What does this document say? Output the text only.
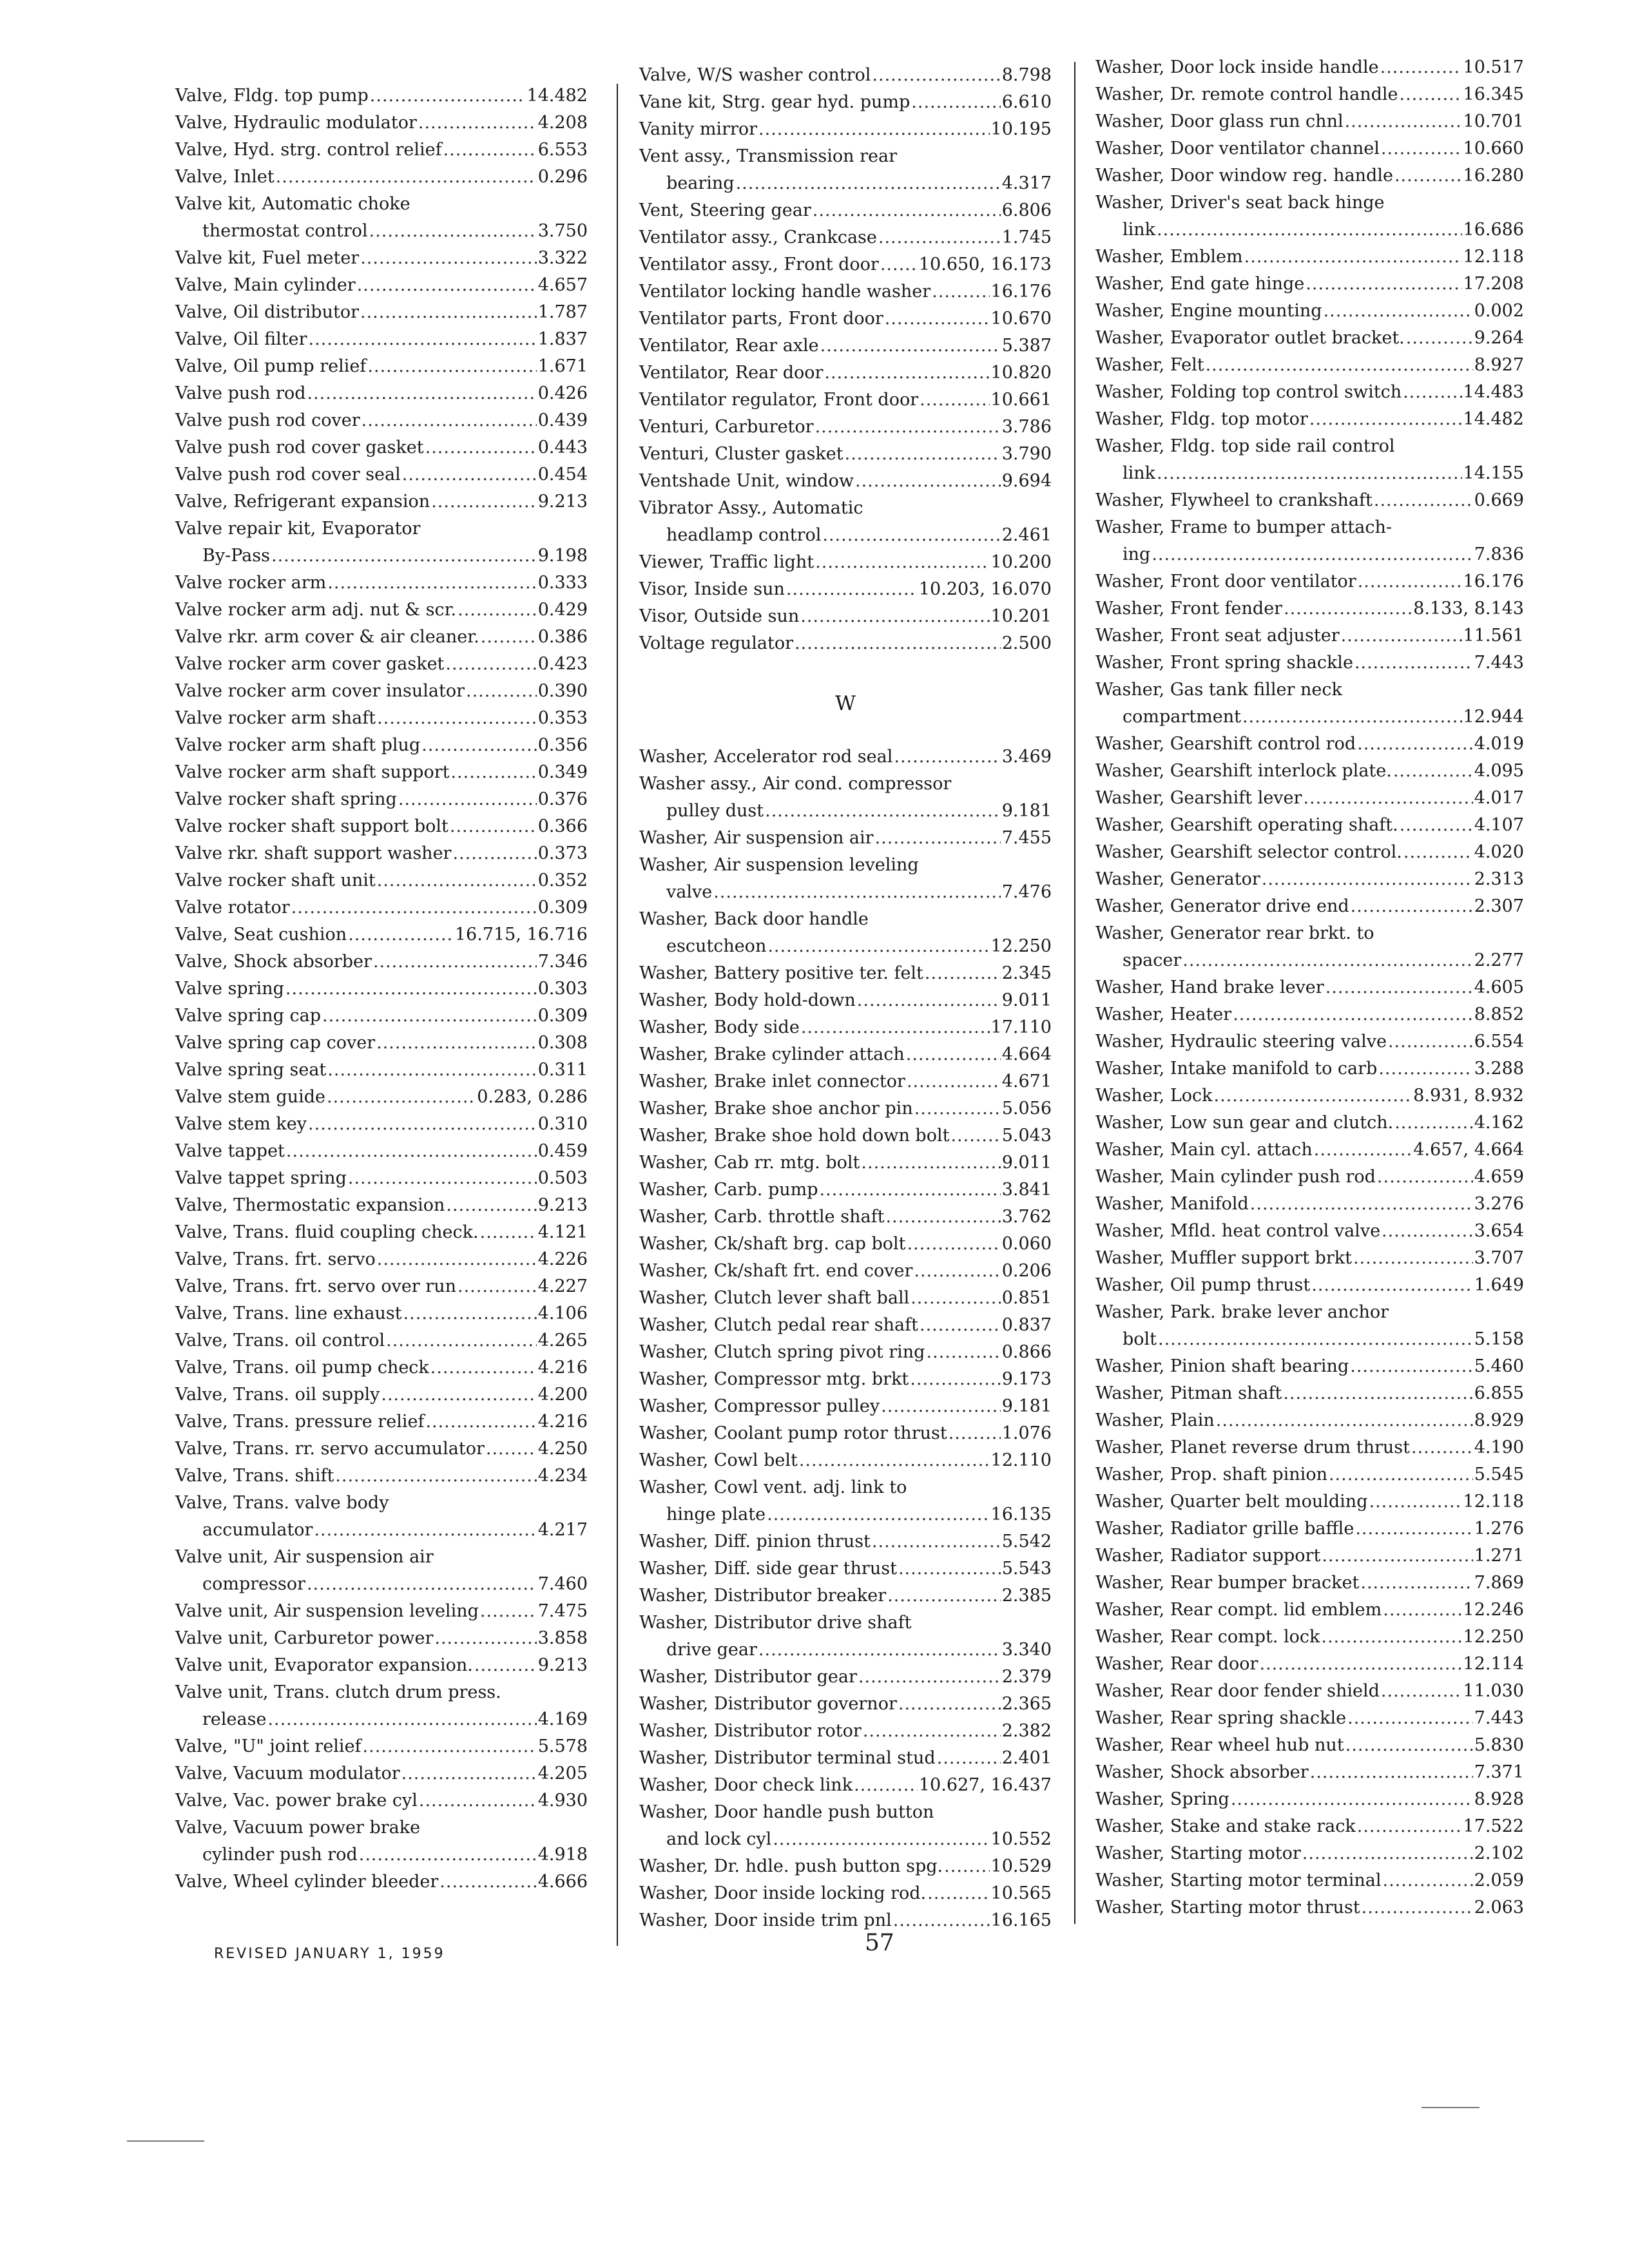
Valve, Fldg. top pump .....	14.482
Valve, Hydraulic modulator .....	4.208
Valve, Hyd. strg. control relief .....	6.553
Valve, Inlet .....	0.296
Valve kit, Automatic choke
thermostat control .....	3.750
Valve kit, Fuel meter .....	3.322
Valve, Main cylinder .....	4.657
Valve, Oil distributor .....	1.787
Valve, Oil filter .....	1.837
Valve, Oil pump relief .....	1.671
Valve push rod .....	0.426
Valve push rod cover .....	0.439
Valve push rod cover gasket .....	0.443
Valve push rod cover seal .....	0.454
Valve, Refrigerant expansion .....	9.213
Valve repair kit, Evaporator
By-Pass .....	9.198
Valve rocker arm .....	0.333
Valve rocker arm adj. nut & scr. .....	0.429
Valve rkr. arm cover & air cleaner. .....	0.386
Valve rocker arm cover gasket .....	0.423
Valve rocker arm cover insulator .....	0.390
Valve rocker arm shaft .....	0.353
Valve rocker arm shaft plug .....	0.356
Valve rocker arm shaft support .....	0.349
Valve rocker shaft spring .....	0.376
Valve rocker shaft support bolt .....	0.366
Valve rkr. shaft support washer .....	0.373
Valve rocker shaft unit .....	0.352
Valve rotator .....	0.309
Valve, Seat cushion .....	16.715, 16.716
Valve, Shock absorber .....	7.346
Valve spring .....	0.303
Valve spring cap .....	0.309
Valve spring cap cover .....	0.308
Valve spring seat .....	0.311
Valve stem guide .....	0.283, 0.286
Valve stem key .....	0.310
Valve tappet .....	0.459
Valve tappet spring .....	0.503
Valve, Thermostatic expansion .....	9.213
Valve, Trans. fluid coupling check. .....	4.121
Valve, Trans. frt. servo .....	4.226
Valve, Trans. frt. servo over run .....	4.227
Valve, Trans. line exhaust .....	4.106
Valve, Trans. oil control .....	4.265
Valve, Trans. oil pump check .....	4.216
Valve, Trans. oil supply .....	4.200
Valve, Trans. pressure relief .....	4.216
Valve, Trans. rr. servo accumulator .....	4.250
Valve, Trans. shift .....	4.234
Valve, Trans. valve body
accumulator .....	4.217
Valve unit, Air suspension air
compressor .....	7.460
Valve unit, Air suspension leveling .....	7.475
Valve unit, Carburetor power .....	3.858
Valve unit, Evaporator expansion. .....	9.213
Valve unit, Trans. clutch drum press.
release .....	4.169
Valve, "U" joint relief .....	5.578
Valve, Vacuum modulator .....	4.205
Valve, Vac. power brake cyl .....	4.930
Valve, Vacuum power brake
cylinder push rod .....	4.918
Valve, Wheel cylinder bleeder .....	4.666
Valve, W/S washer control .....	8.798
Vane kit, Strg. gear hyd. pump .....	6.610
Vanity mirror .....	10.195
Vent assy., Transmission rear
bearing .....	4.317
Vent, Steering gear .....	6.806
Ventilator assy., Crankcase .....	1.745
Ventilator assy., Front door ..... 10.650, 16.173
Ventilator locking handle washer .....	16.176
Ventilator parts, Front door .....	10.670
Ventilator, Rear axle .....	5.387
Ventilator, Rear door .....	10.820
Ventilator regulator, Front door .....	10.661
Venturi, Carburetor .....	3.786
Venturi, Cluster gasket .....	3.790
Ventshade Unit, window .....	9.694
Vibrator Assy., Automatic
headlamp control .....	2.461
Viewer, Traffic light .....	10.200
Visor, Inside sun .....	10.203, 16.070
Visor, Outside sun .....	10.201
Voltage regulator .....	2.500
W
Washer, Accelerator rod seal .....	3.469
Washer assy., Air cond. compressor
pulley dust .....	9.181
Washer, Air suspension air .....	7.455
Washer, Air suspension leveling
valve .....	7.476
Washer, Back door handle
escutcheon .....	12.250
Washer, Battery positive ter. felt .....	2.345
Washer, Body hold-down .....	9.011
Washer, Body side .....	17.110
Washer, Brake cylinder attach .....	4.664
Washer, Brake inlet connector .....	4.671
Washer, Brake shoe anchor pin .....	5.056
Washer, Brake shoe hold down bolt .....	5.043
Washer, Cab rr. mtg. bolt .....	9.011
Washer, Carb. pump .....	3.841
Washer, Carb. throttle shaft .....	3.762
Washer, Ck/shaft brg. cap bolt .....	0.060
Washer, Ck/shaft frt. end cover .....	0.206
Washer, Clutch lever shaft ball .....	0.851
Washer, Clutch pedal rear shaft .....	0.837
Washer, Clutch spring pivot ring .....	0.866
Washer, Compressor mtg. brkt .....	9.173
Washer, Compressor pulley .....	9.181
Washer, Coolant pump rotor thrust .....	1.076
Washer, Cowl belt .....	12.110
Washer, Cowl vent. adj. link to
hinge plate .....	16.135
Washer, Diff. pinion thrust .....	5.542
Washer, Diff. side gear thrust .....	5.543
Washer, Distributor breaker .....	2.385
Washer, Distributor drive shaft
drive gear .....	3.340
Washer, Distributor gear .....	2.379
Washer, Distributor governor .....	2.365
Washer, Distributor rotor .....	2.382
Washer, Distributor terminal stud .....	2.401
Washer, Door check link .....	10.627, 16.437
Washer, Door handle push button
and lock cyl .....	10.552
Washer, Dr. hdle. push button spg. .....	10.529
Washer, Door inside locking rod. .....	10.565
Washer, Door inside trim pnl .....	16.165
Washer, Door lock inside handle .....	10.517
Washer, Dr. remote control handle .....	16.345
Washer, Door glass run chnl .....	10.701
Washer, Door ventilator channel .....	10.660
Washer, Door window reg. handle .....	16.280
Washer, Driver's seat back hinge
link .....	16.686
Washer, Emblem .....	12.118
Washer, End gate hinge .....	17.208
Washer, Engine mounting .....	0.002
Washer, Evaporator outlet bracket. .....	9.264
Washer, Felt .....	8.927
Washer, Folding top control switch .....	14.483
Washer, Fldg. top motor .....	14.482
Washer, Fldg. top side rail control
link .....	14.155
Washer, Flywheel to crankshaft .....	0.669
Washer, Frame to bumper attach-
ing .....	7.836
Washer, Front door ventilator .....	16.176
Washer, Front fender .....	8.133, 8.143
Washer, Front seat adjuster .....	11.561
Washer, Front spring shackle .....	7.443
Washer, Gas tank filler neck
compartment .....	12.944
Washer, Gearshift control rod .....	4.019
Washer, Gearshift interlock plate. .....	4.095
Washer, Gearshift lever .....	4.017
Washer, Gearshift operating shaft. .....	4.107
Washer, Gearshift selector control. .....	4.020
Washer, Generator .....	2.313
Washer, Generator drive end .....	2.307
Washer, Generator rear brkt. to
spacer .....	2.277
Washer, Hand brake lever .....	4.605
Washer, Heater .....	8.852
Washer, Hydraulic steering valve .....	6.554
Washer, Intake manifold to carb .....	3.288
Washer, Lock .....	8.931, 8.932
Washer, Low sun gear and clutch. .....	4.162
Washer, Main cyl. attach .....	4.657, 4.664
Washer, Main cylinder push rod .....	4.659
Washer, Manifold .....	3.276
Washer, Mfld. heat control valve .....	3.654
Washer, Muffler support brkt .....	3.707
Washer, Oil pump thrust .....	1.649
Washer, Park. brake lever anchor
bolt .....	5.158
Washer, Pinion shaft bearing .....	5.460
Washer, Pitman shaft .....	6.855
Washer, Plain .....	8.929
Washer, Planet reverse drum thrust .....	4.190
Washer, Prop. shaft pinion .....	5.545
Washer, Quarter belt moulding .....	12.118
Washer, Radiator grille baffle .....	1.276
Washer, Radiator support .....	1.271
Washer, Rear bumper bracket .....	7.869
Washer, Rear compt. lid emblem .....	12.246
Washer, Rear compt. lock .....	12.250
Washer, Rear door .....	12.114
Washer, Rear door fender shield .....	11.030
Washer, Rear spring shackle .....	7.443
Washer, Rear wheel hub nut .....	5.830
Washer, Shock absorber .....	7.371
Washer, Spring .....	8.928
Washer, Stake and stake rack .....	17.522
Washer, Starting motor .....	2.102
Washer, Starting motor terminal .....	2.059
Washer, Starting motor thrust .....	2.063
REVISED JANUARY 1, 1959	57
